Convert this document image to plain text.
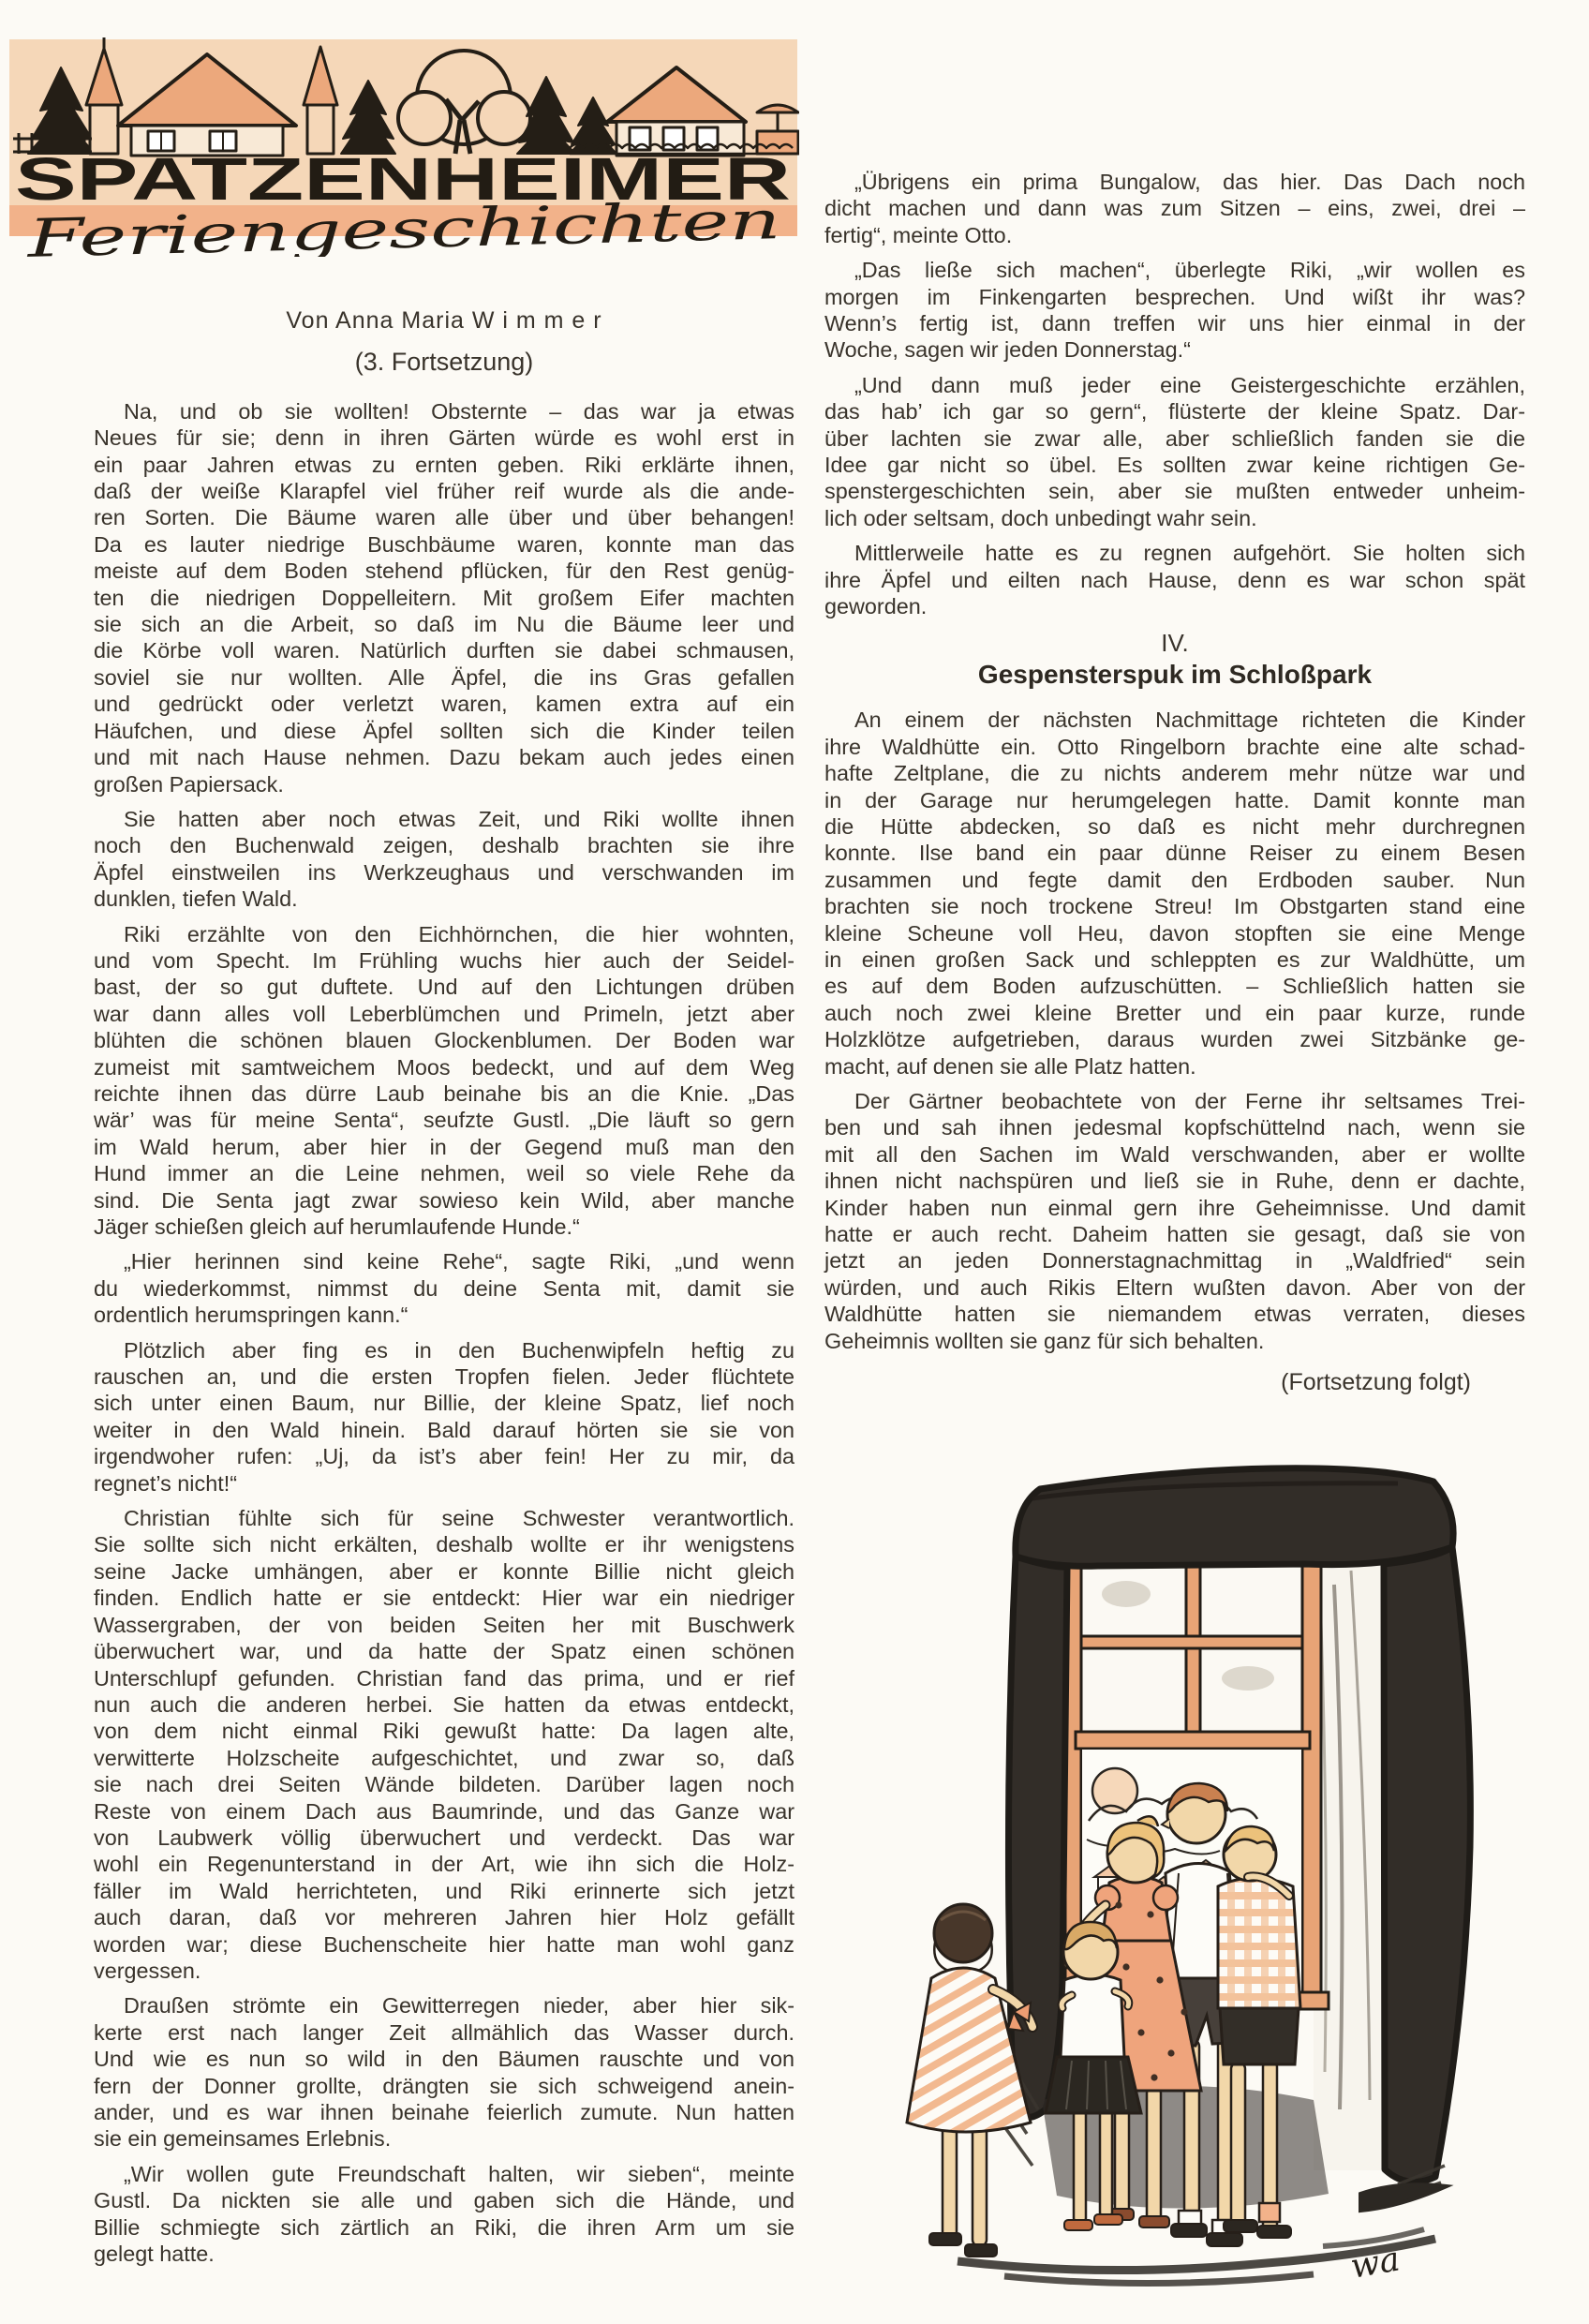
SPATZENHEIMER
Feriengeschichten
Von Anna Maria W i m m e r
(3. Fortsetzung)
Na, und ob sie wollten! Obsternte – das war ja etwas
Neues für sie; denn in ihren Gärten würde es wohl erst in
ein paar Jahren etwas zu ernten geben. Riki erklärte ihnen,
daß der weiße Klarapfel viel früher reif wurde als die ande-
ren Sorten. Die Bäume waren alle über und über behangen!
Da es lauter niedrige Buschbäume waren, konnte man das
meiste auf dem Boden stehend pflücken, für den Rest genüg-
ten die niedrigen Doppelleitern. Mit großem Eifer machten
sie sich an die Arbeit, so daß im Nu die Bäume leer und
die Körbe voll waren. Natürlich durften sie dabei schmausen,
soviel sie nur wollten. Alle Äpfel, die ins Gras gefallen
und gedrückt oder verletzt waren, kamen extra auf ein
Häufchen, und diese Äpfel sollten sich die Kinder teilen
und mit nach Hause nehmen. Dazu bekam auch jedes einen
großen Papiersack.
Sie hatten aber noch etwas Zeit, und Riki wollte ihnen
noch den Buchenwald zeigen, deshalb brachten sie ihre
Äpfel einstweilen ins Werkzeughaus und verschwanden im
dunklen, tiefen Wald.
Riki erzählte von den Eichhörnchen, die hier wohnten,
und vom Specht. Im Frühling wuchs hier auch der Seidel-
bast, der so gut duftete. Und auf den Lichtungen drüben
war dann alles voll Leberblümchen und Primeln, jetzt aber
blühten die schönen blauen Glockenblumen. Der Boden war
zumeist mit samtweichem Moos bedeckt, und auf dem Weg
reichte ihnen das dürre Laub beinahe bis an die Knie. „Das
wär’ was für meine Senta“, seufzte Gustl. „Die läuft so gern
im Wald herum, aber hier in der Gegend muß man den
Hund immer an die Leine nehmen, weil so viele Rehe da
sind. Die Senta jagt zwar sowieso kein Wild, aber manche
Jäger schießen gleich auf herumlaufende Hunde.“
„Hier herinnen sind keine Rehe“, sagte Riki, „und wenn
du wiederkommst, nimmst du deine Senta mit, damit sie
ordentlich herumspringen kann.“
Plötzlich aber fing es in den Buchenwipfeln heftig zu
rauschen an, und die ersten Tropfen fielen. Jeder flüchtete
sich unter einen Baum, nur Billie, der kleine Spatz, lief noch
weiter in den Wald hinein. Bald darauf hörten sie sie von
irgendwoher rufen: „Uj, da ist’s aber fein! Her zu mir, da
regnet’s nicht!“
Christian fühlte sich für seine Schwester verantwortlich.
Sie sollte sich nicht erkälten, deshalb wollte er ihr wenigstens
seine Jacke umhängen, aber er konnte Billie nicht gleich
finden. Endlich hatte er sie entdeckt: Hier war ein niedriger
Wassergraben, der von beiden Seiten her mit Buschwerk
überwuchert war, und da hatte der Spatz einen schönen
Unterschlupf gefunden. Christian fand das prima, und er rief
nun auch die anderen herbei. Sie hatten da etwas entdeckt,
von dem nicht einmal Riki gewußt hatte: Da lagen alte,
verwitterte Holzscheite aufgeschichtet, und zwar so, daß
sie nach drei Seiten Wände bildeten. Darüber lagen noch
Reste von einem Dach aus Baumrinde, und das Ganze war
von Laubwerk völlig überwuchert und verdeckt. Das war
wohl ein Regenunterstand in der Art, wie ihn sich die Holz-
fäller im Wald herrichteten, und Riki erinnerte sich jetzt
auch daran, daß vor mehreren Jahren hier Holz gefällt
worden war; diese Buchenscheite hier hatte man wohl ganz
vergessen.
Draußen strömte ein Gewitterregen nieder, aber hier sik-
kerte erst nach langer Zeit allmählich das Wasser durch.
Und wie es nun so wild in den Bäumen rauschte und von
fern der Donner grollte, drängten sie sich schweigend anein-
ander, und es war ihnen beinahe feierlich zumute. Nun hatten
sie ein gemeinsames Erlebnis.
„Wir wollen gute Freundschaft halten, wir sieben“, meinte
Gustl. Da nickten sie alle und gaben sich die Hände, und
Billie schmiegte sich zärtlich an Riki, die ihren Arm um sie
gelegt hatte.
„Übrigens ein prima Bungalow, das hier. Das Dach noch
dicht machen und dann was zum Sitzen – eins, zwei, drei –
fertig“, meinte Otto.
„Das ließe sich machen“, überlegte Riki, „wir wollen es
morgen im Finkengarten besprechen. Und wißt ihr was?
Wenn’s fertig ist, dann treffen wir uns hier einmal in der
Woche, sagen wir jeden Donnerstag.“
„Und dann muß jeder eine Geistergeschichte erzählen,
das hab’ ich gar so gern“, flüsterte der kleine Spatz. Dar-
über lachten sie zwar alle, aber schließlich fanden sie die
Idee gar nicht so übel. Es sollten zwar keine richtigen Ge-
spenstergeschichten sein, aber sie mußten entweder unheim-
lich oder seltsam, doch unbedingt wahr sein.
Mittlerweile hatte es zu regnen aufgehört. Sie holten sich
ihre Äpfel und eilten nach Hause, denn es war schon spät
geworden.
IV.
Gespensterspuk im Schloßpark
An einem der nächsten Nachmittage richteten die Kinder
ihre Waldhütte ein. Otto Ringelborn brachte eine alte schad-
hafte Zeltplane, die zu nichts anderem mehr nütze war und
in der Garage nur herumgelegen hatte. Damit konnte man
die Hütte abdecken, so daß es nicht mehr durchregnen
konnte. Ilse band ein paar dünne Reiser zu einem Besen
zusammen und fegte damit den Erdboden sauber. Nun
brachten sie noch trockene Streu! Im Obstgarten stand eine
kleine Scheune voll Heu, davon stopften sie eine Menge
in einen großen Sack und schleppten es zur Waldhütte, um
es auf dem Boden aufzuschütten. – Schließlich hatten sie
auch noch zwei kleine Bretter und ein paar kurze, runde
Holzklötze aufgetrieben, daraus wurden zwei Sitzbänke ge-
macht, auf denen sie alle Platz hatten.
Der Gärtner beobachtete von der Ferne ihr seltsames Trei-
ben und sah ihnen jedesmal kopfschüttelnd nach, wenn sie
mit all den Sachen im Wald verschwanden, aber er wollte
ihnen nicht nachspüren und ließ sie in Ruhe, denn er dachte,
Kinder haben nun einmal gern ihre Geheimnisse. Und damit
hatte er auch recht. Daheim hatten sie gesagt, daß sie von
jetzt an jeden Donnerstagnachmittag in „Waldfried“ sein
würden, und auch Rikis Eltern wußten davon. Aber von der
Waldhütte hatten sie niemandem etwas verraten, dieses
Geheimnis wollten sie ganz für sich behalten.
(Fortsetzung folgt)
wa
